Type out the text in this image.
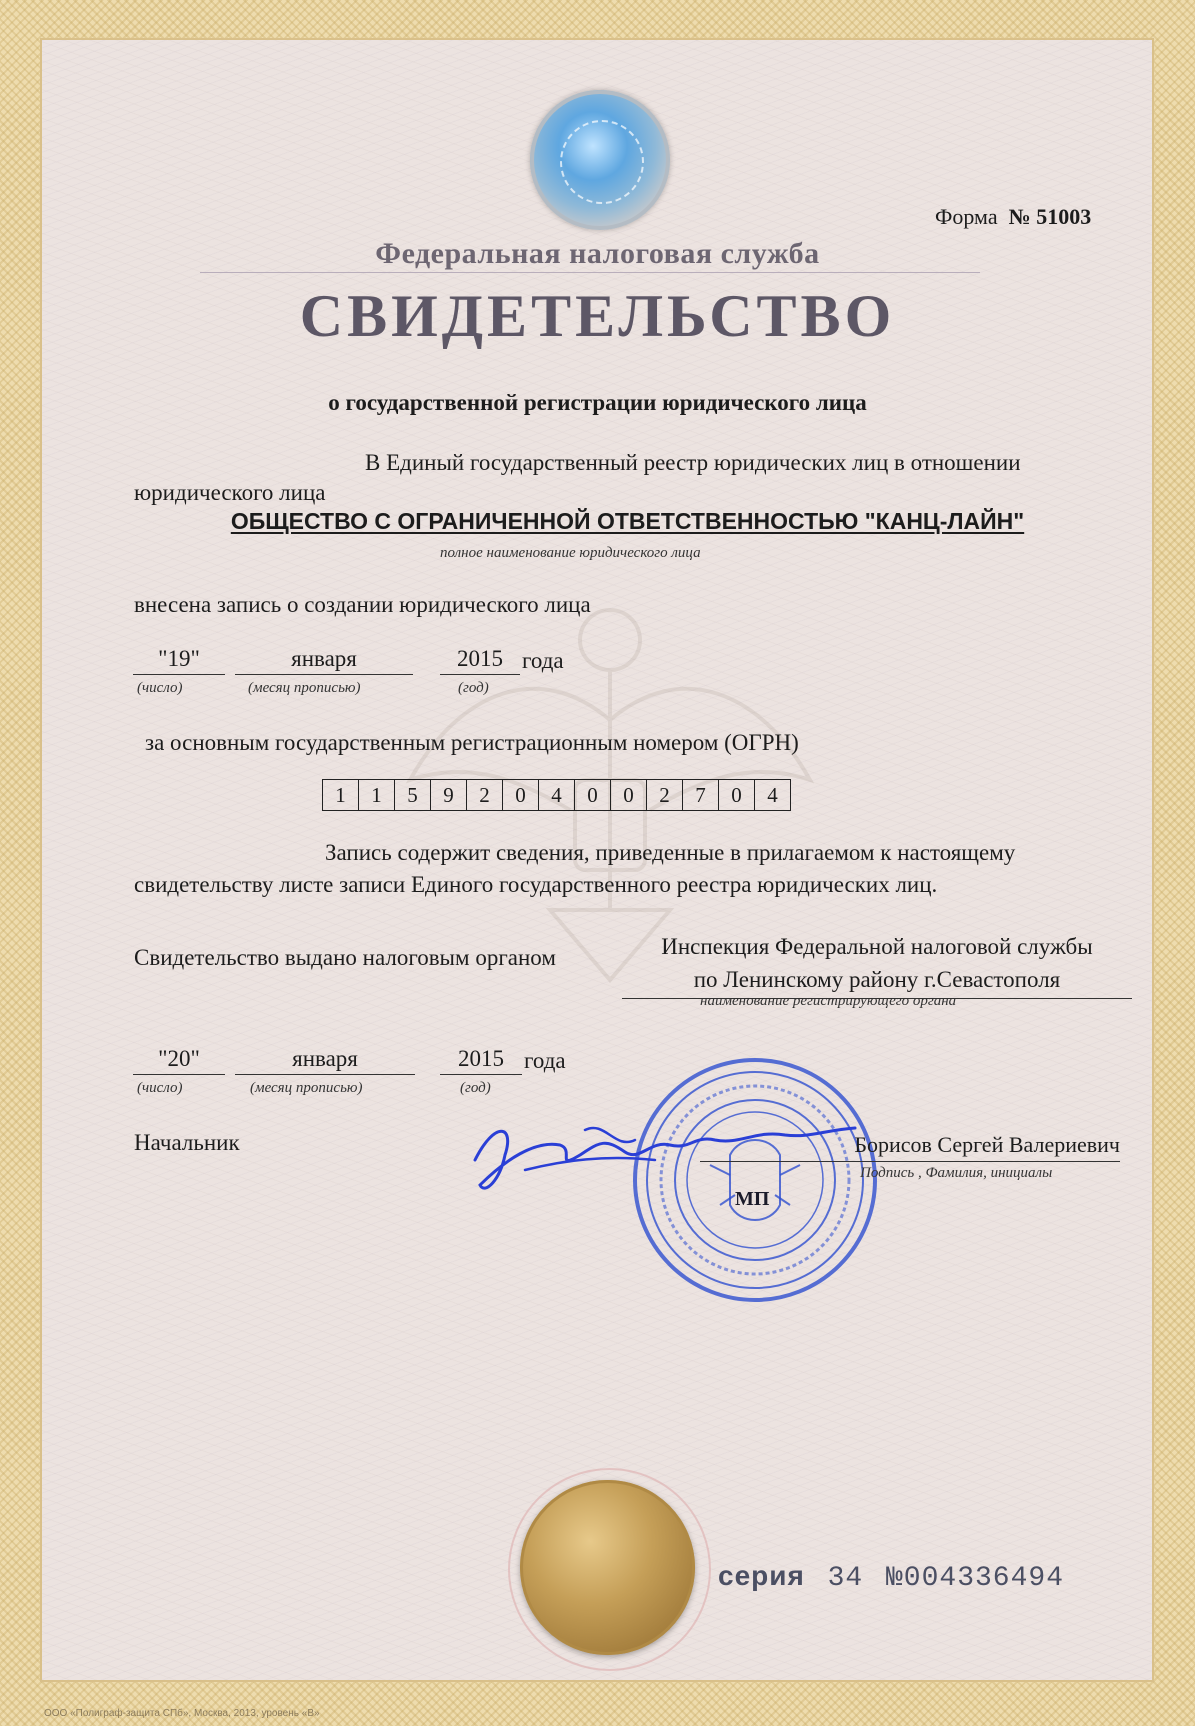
Форма № 51003
Федеральная налоговая служба
СВИДЕТЕЛЬСТВО
о государственной регистрации юридического лица
В Единый государственный реестр юридических лиц в отношении
юридического лица
ОБЩЕСТВО С ОГРАНИЧЕННОЙ ОТВЕТСТВЕННОСТЬЮ "КАНЦ-ЛАЙН"
полное наименование юридического лица
внесена запись о создании юридического лица
"19"	января	2015 года
(число)	(месяц прописью)	(год)
за основным государственным регистрационным номером (ОГРН)
1	1	5	9	2	0	4	0	0	2	7	0	4
Запись содержит сведения, приведенные в прилагаемом к настоящему
свидетельству листе записи Единого государственного реестра юридических лиц.
Свидетельство выдано налоговым органом	Инспекция Федеральной налоговой службы
по Ленинскому району г.Севастополя
наименование регистрирующего органа
"20"	января	2015 года
(число)	(месяц прописью)	(год)
Начальник
МП
Борисов Сергей Валериевич
Подпись , Фамилия, инициалы
серия 34 №004336494
ООО «Полиграф-защита СПб», Москва, 2013, уровень «В»
